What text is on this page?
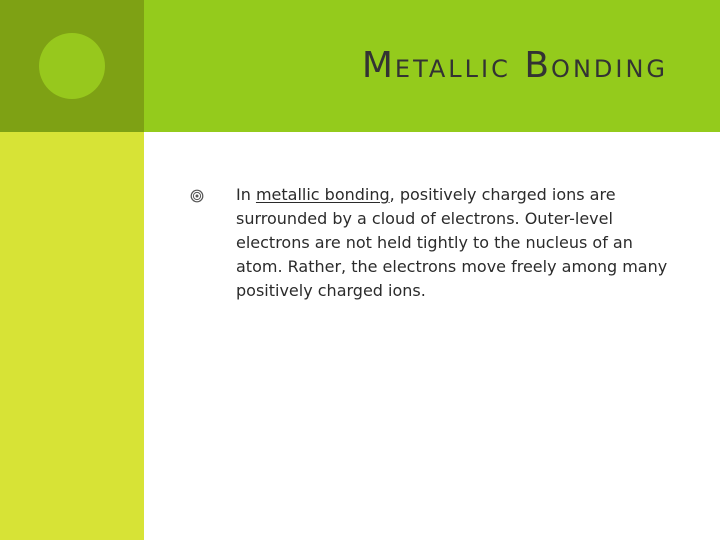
METALLIC BONDING

In metallic bonding, positively charged ions are surrounded by a cloud of electrons. Outer-level electrons are not held tightly to the nucleus of an atom. Rather, the electrons move freely among many positively charged ions.
